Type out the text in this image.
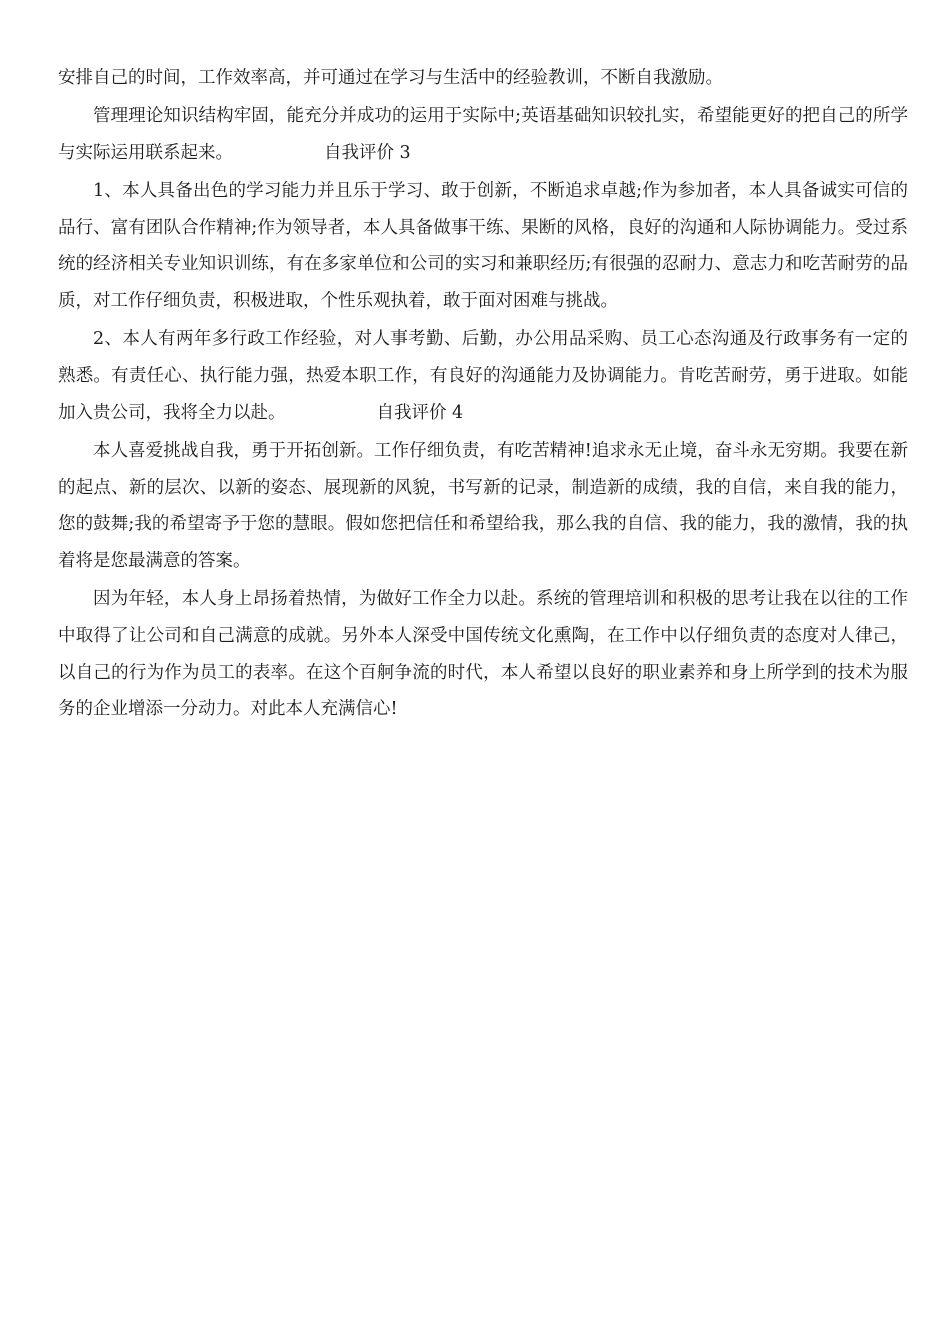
安排自己的时间，工作效率高，并可通过在学习与生活中的经验教训，不断自我激励。

管理理论知识结构牢固，能充分并成功的运用于实际中;英语基础知识较扎实，希望能更好的把自己的所学与实际运用联系起来。	自我评价 3

1、本人具备出色的学习能力并且乐于学习、敢于创新，不断追求卓越;作为参加者，本人具备诚实可信的品行、富有团队合作精神;作为领导者，本人具备做事干练、果断的风格，良好的沟通和人际协调能力。受过系统的经济相关专业知识训练，有在多家单位和公司的实习和兼职经历;有很强的忍耐力、意志力和吃苦耐劳的品质，对工作仔细负责，积极进取，个性乐观执着，敢于面对困难与挑战。

2、本人有两年多行政工作经验，对人事考勤、后勤，办公用品采购、员工心态沟通及行政事务有一定的熟悉。有责任心、执行能力强，热爱本职工作，有良好的沟通能力及协调能力。肯吃苦耐劳，勇于进取。如能加入贵公司，我将全力以赴。	自我评价 4

本人喜爱挑战自我，勇于开拓创新。工作仔细负责，有吃苦精神!追求永无止境，奋斗永无穷期。我要在新的起点、新的层次、以新的姿态、展现新的风貌，书写新的记录，制造新的成绩，我的自信，来自我的能力，您的鼓舞;我的希望寄予于您的慧眼。假如您把信任和希望给我，那么我的自信、我的能力，我的激情，我的执着将是您最满意的答案。

因为年轻，本人身上昂扬着热情，为做好工作全力以赴。系统的管理培训和积极的思考让我在以往的工作中取得了让公司和自己满意的成就。另外本人深受中国传统文化熏陶，在工作中以仔细负责的态度对人律己，以自己的行为作为员工的表率。在这个百舸争流的时代，本人希望以良好的职业素养和身上所学到的技术为服务的企业增添一分动力。对此本人充满信心!
